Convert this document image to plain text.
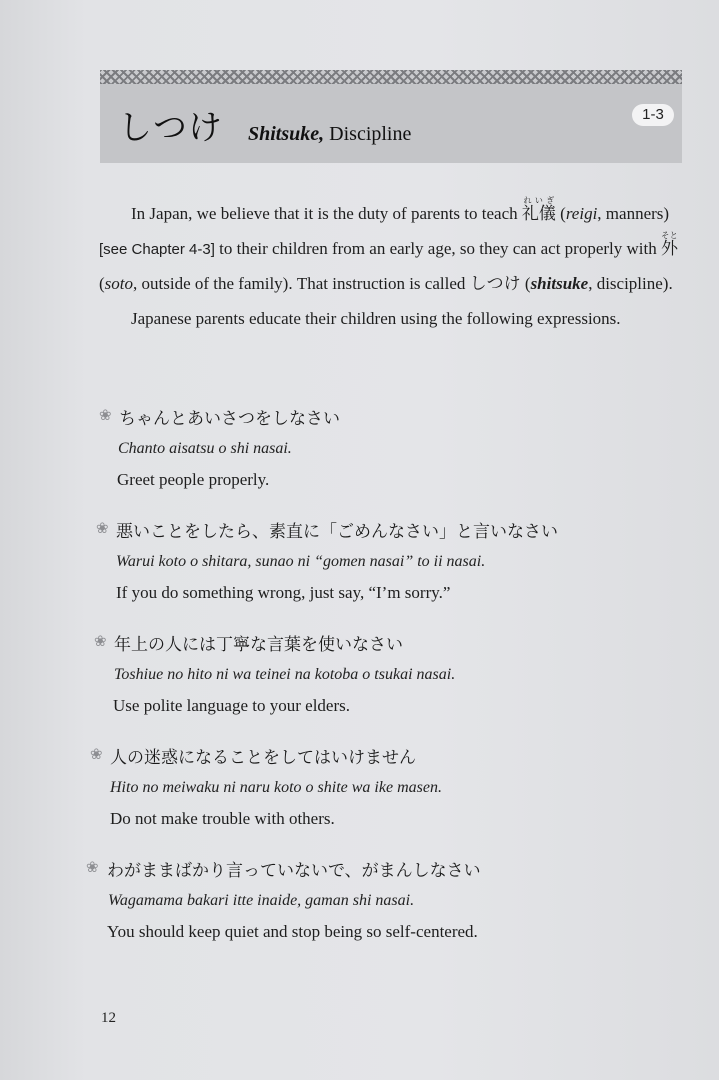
1-3
しつけ Shitsuke, Discipline

In Japan, we believe that it is the duty of parents to teach 礼儀れいぎ (reigi, manners) [see Chapter 4-3] to their children from an early age, so they can act properly with 外そと (soto, outside of the family). That instruction is called しつけ (shitsuke, discipline).

Japanese parents educate their children using the following expressions.

❀ ちゃんとあいさつをしなさい
Chanto aisatsu o shi nasai.
Greet people properly.
❀ 悪いことをしたら、素直に「ごめんなさい」と言いなさい
Warui koto o shitara, sunao ni “gomen nasai” to ii nasai.
If you do something wrong, just say, “I’m sorry.”
❀ 年上の人には丁寧な言葉を使いなさい
Toshiue no hito ni wa teinei na kotoba o tsukai nasai.
Use polite language to your elders.
❀ 人の迷惑になることをしてはいけません
Hito no meiwaku ni naru koto o shite wa ike masen.
Do not make trouble with others.
❀ わがままばかり言っていないで、がまんしなさい
Wagamama bakari itte inaide, gaman shi nasai.
You should keep quiet and stop being so self-centered.
12
